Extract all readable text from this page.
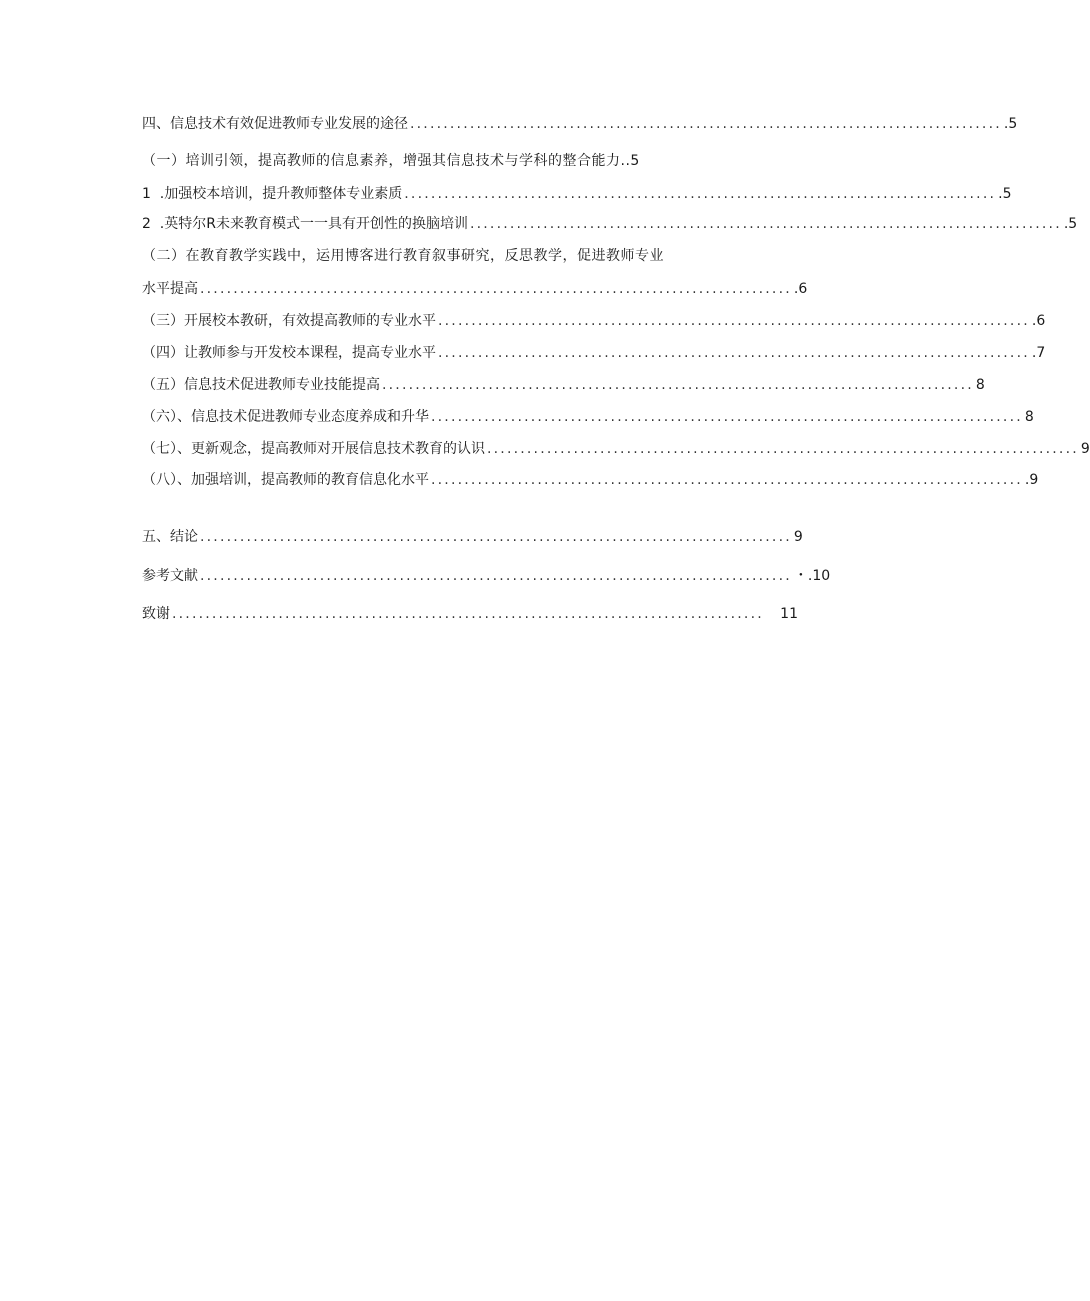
四、信息技术有效促进教师专业发展的途径 ......................................................................................... .5
（一）培训引领，提高教师的信息素养，增强其信息技术与学科的整合能力..5
1  .加强校本培训，提升教师整体专业素质 ......................................................................................... .5
2  .英特尔R未来教育模式一一具有开创性的换脑培训 ......................................................................................... .5
（二）在教育教学实践中，运用博客进行教育叙事研究，反思教学，促进教师专业
水平提高 ......................................................................................... .6
（三）开展校本教研，有效提高教师的专业水平 ......................................................................................... .6
（四）让教师参与开发校本课程，提高专业水平 ......................................................................................... .7
（五）信息技术促进教师专业技能提高 ......................................................................................... 8
（六）、信息技术促进教师专业态度养成和升华 ......................................................................................... 8
（七）、更新观念，提高教师对开展信息技术教育的认识 ......................................................................................... 9
（八）、加强培训，提高教师的教育信息化水平 ......................................................................................... .9
五、结论 ......................................................................................... 9
参考文献 ......................................................................................... ・.10
致谢 .........................................................................................	11
